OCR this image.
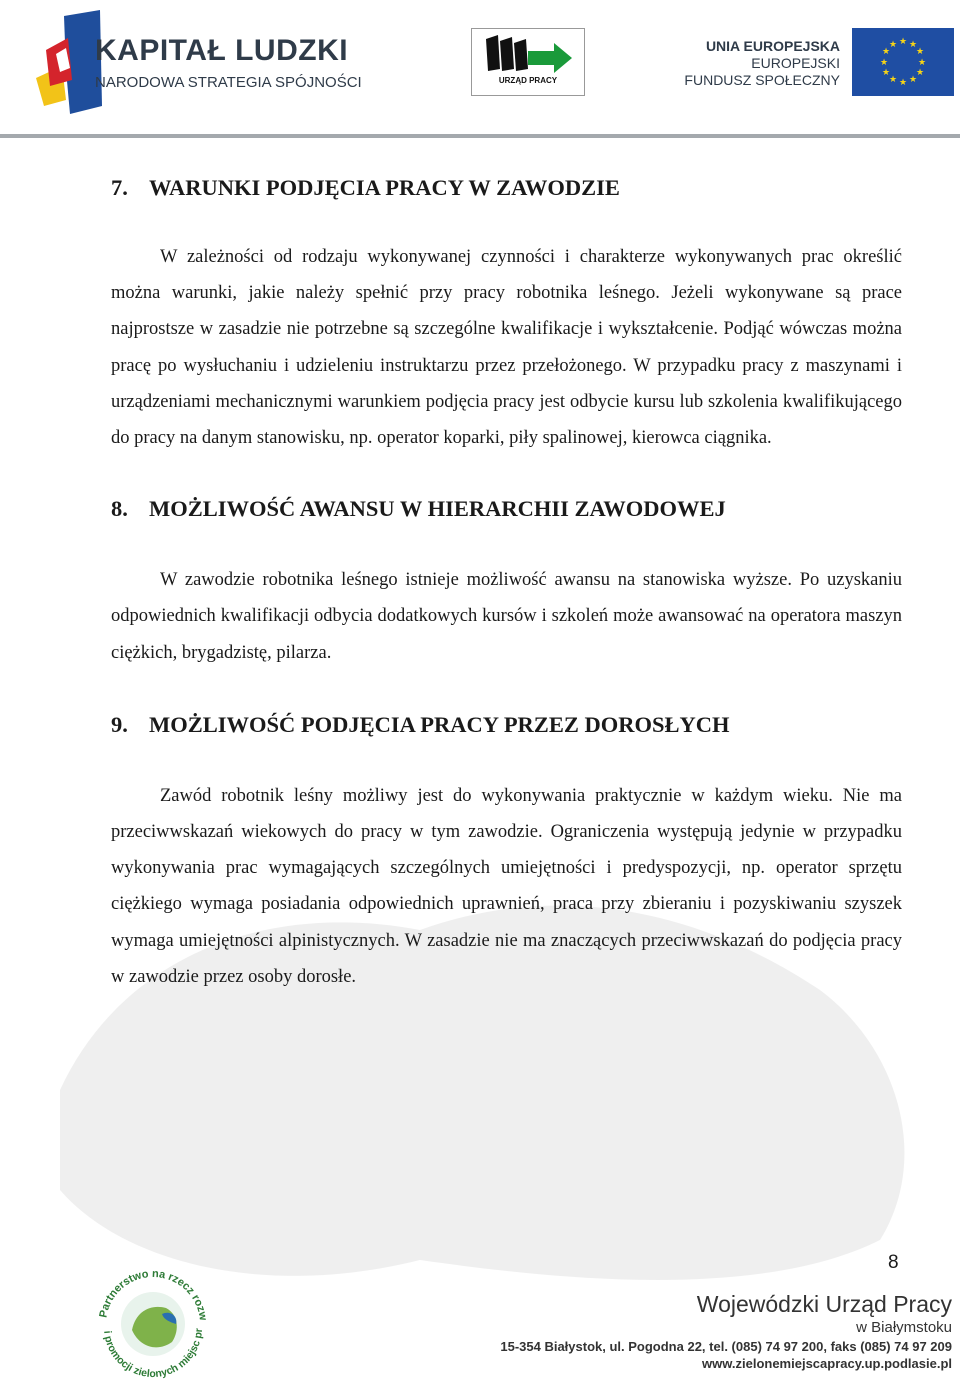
KAPITAŁ LUDZKI
NARODOWA STRATEGIA SPÓJNOŚCI	URZĄD PRACY
UNIA EUROPEJSKA
EUROPEJSKI
FUNDUSZ SPOŁECZNY
★ ★
★
★
★
★
★
★
★
★
★
★
7. WARUNKI PODJĘCIA PRACY W ZAWODZIE

W zależności od rodzaju wykonywanej czynności i charakterze wykonywanych prac określić można warunki, jakie należy spełnić przy pracy robotnika leśnego. Jeżeli wykonywane są prace najprostsze w zasadzie nie potrzebne są szczególne kwalifikacje i wykształcenie. Podjąć wówczas można pracę po wysłuchaniu i udzieleniu instruktarzu przez przełożonego. W przypadku pracy z maszynami i urządzeniami mechanicznymi warunkiem podjęcia pracy jest odbycie kursu lub szkolenia kwalifikującego do pracy na danym stanowisku, np. operator koparki, piły spalinowej, kierowca ciągnika.

8. MOŻLIWOŚĆ AWANSU W HIERARCHII ZAWODOWEJ

W zawodzie robotnika leśnego istnieje możliwość awansu na stanowiska wyższe. Po uzyskaniu odpowiednich kwalifikacji odbycia dodatkowych kursów i szkoleń może awansować na operatora maszyn ciężkich, brygadzistę, pilarza.

9. MOŻLIWOŚĆ PODJĘCIA PRACY PRZEZ DOROSŁYCH

Zawód robotnik leśny możliwy jest do wykonywania praktycznie w każdym wieku. Nie ma przeciwwskazań wiekowych do pracy w tym zawodzie. Ograniczenia występują jedynie w przypadku wykonywania prac wymagających szczególnych umiejętności i predyspozycji, np. operator sprzętu ciężkiego wymaga posiadania odpowiednich uprawnień, praca przy zbieraniu i pozyskiwaniu szyszek wymaga umiejętności alpinistycznych. W zasadzie nie ma znaczących przeciwwskazań do podjęcia pracy w zawodzie przez osoby dorosłe.

8
Partnerstwo na rzecz rozw
i promocji zielonych miejsc pr
Wojewódzki Urząd Pracy
w Białymstoku
15-354 Białystok, ul. Pogodna 22, tel. (085) 74 97 200, faks (085) 74 97 209
www.zielonemiejscapracy.up.podlasie.pl
